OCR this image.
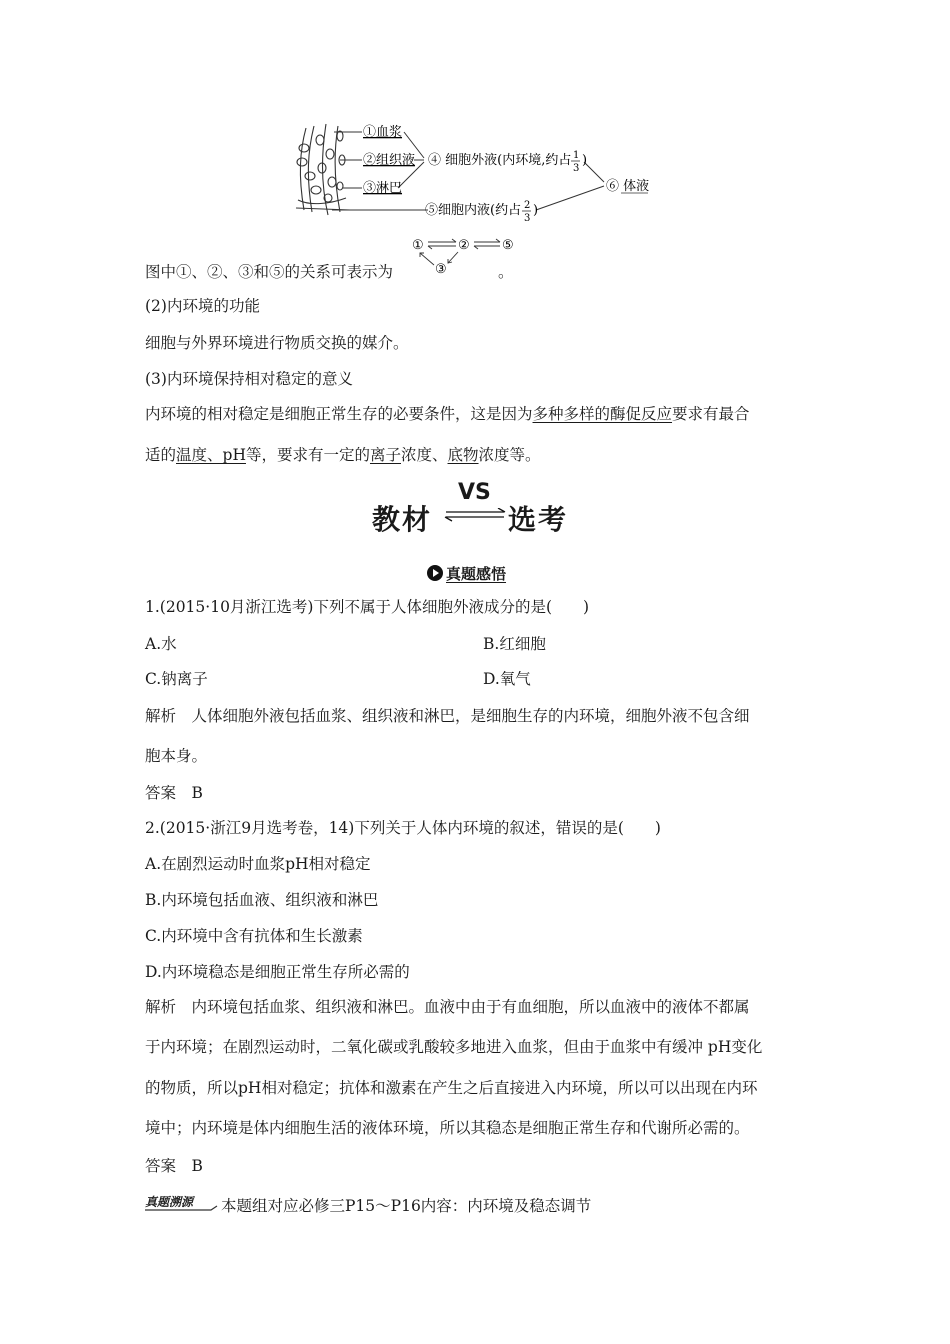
①血浆
②组织液
③淋巴
④ 细胞外液(内环境,约占 1
3
)
⑤细胞内液(约占 2
3
)
⑥ 体液
①	② ⑤
③
图中①、②、③和⑤的关系可表示为	。
(2)内环境的功能
细胞与外界环境进行物质交换的媒介。
(3)内环境保持相对稳定的意义
内环境的相对稳定是细胞正常生存的必要条件，这是因为多种多样的酶促反应要求有最合
适的温度、pH等，要求有一定的离子浓度、底物浓度等。
教材
VS
选考
真题感悟
1.(2015·10月浙江选考)下列不属于人体细胞外液成分的是(　　)
A.水	B.红细胞
C.钠离子	D.氧气
解析　人体细胞外液包括血浆、组织液和淋巴，是细胞生存的内环境，细胞外液不包含细
胞本身。
答案　B
2.(2015·浙江9月选考卷，14)下列关于人体内环境的叙述，错误的是(　　)
A.在剧烈运动时血浆pH相对稳定
B.内环境包括血液、组织液和淋巴
C.内环境中含有抗体和生长激素
D.内环境稳态是细胞正常生存所必需的
解析　内环境包括血浆、组织液和淋巴。血液中由于有血细胞，所以血液中的液体不都属
于内环境；在剧烈运动时，二氧化碳或乳酸较多地进入血浆，但由于血浆中有缓冲 pH变化
的物质，所以pH相对稳定；抗体和激素在产生之后直接进入内环境，所以可以出现在内环
境中；内环境是体内细胞生活的液体环境，所以其稳态是细胞正常生存和代谢所必需的。
答案　B
真题溯源 本题组对应必修三P15～P16内容：内环境及稳态调节
